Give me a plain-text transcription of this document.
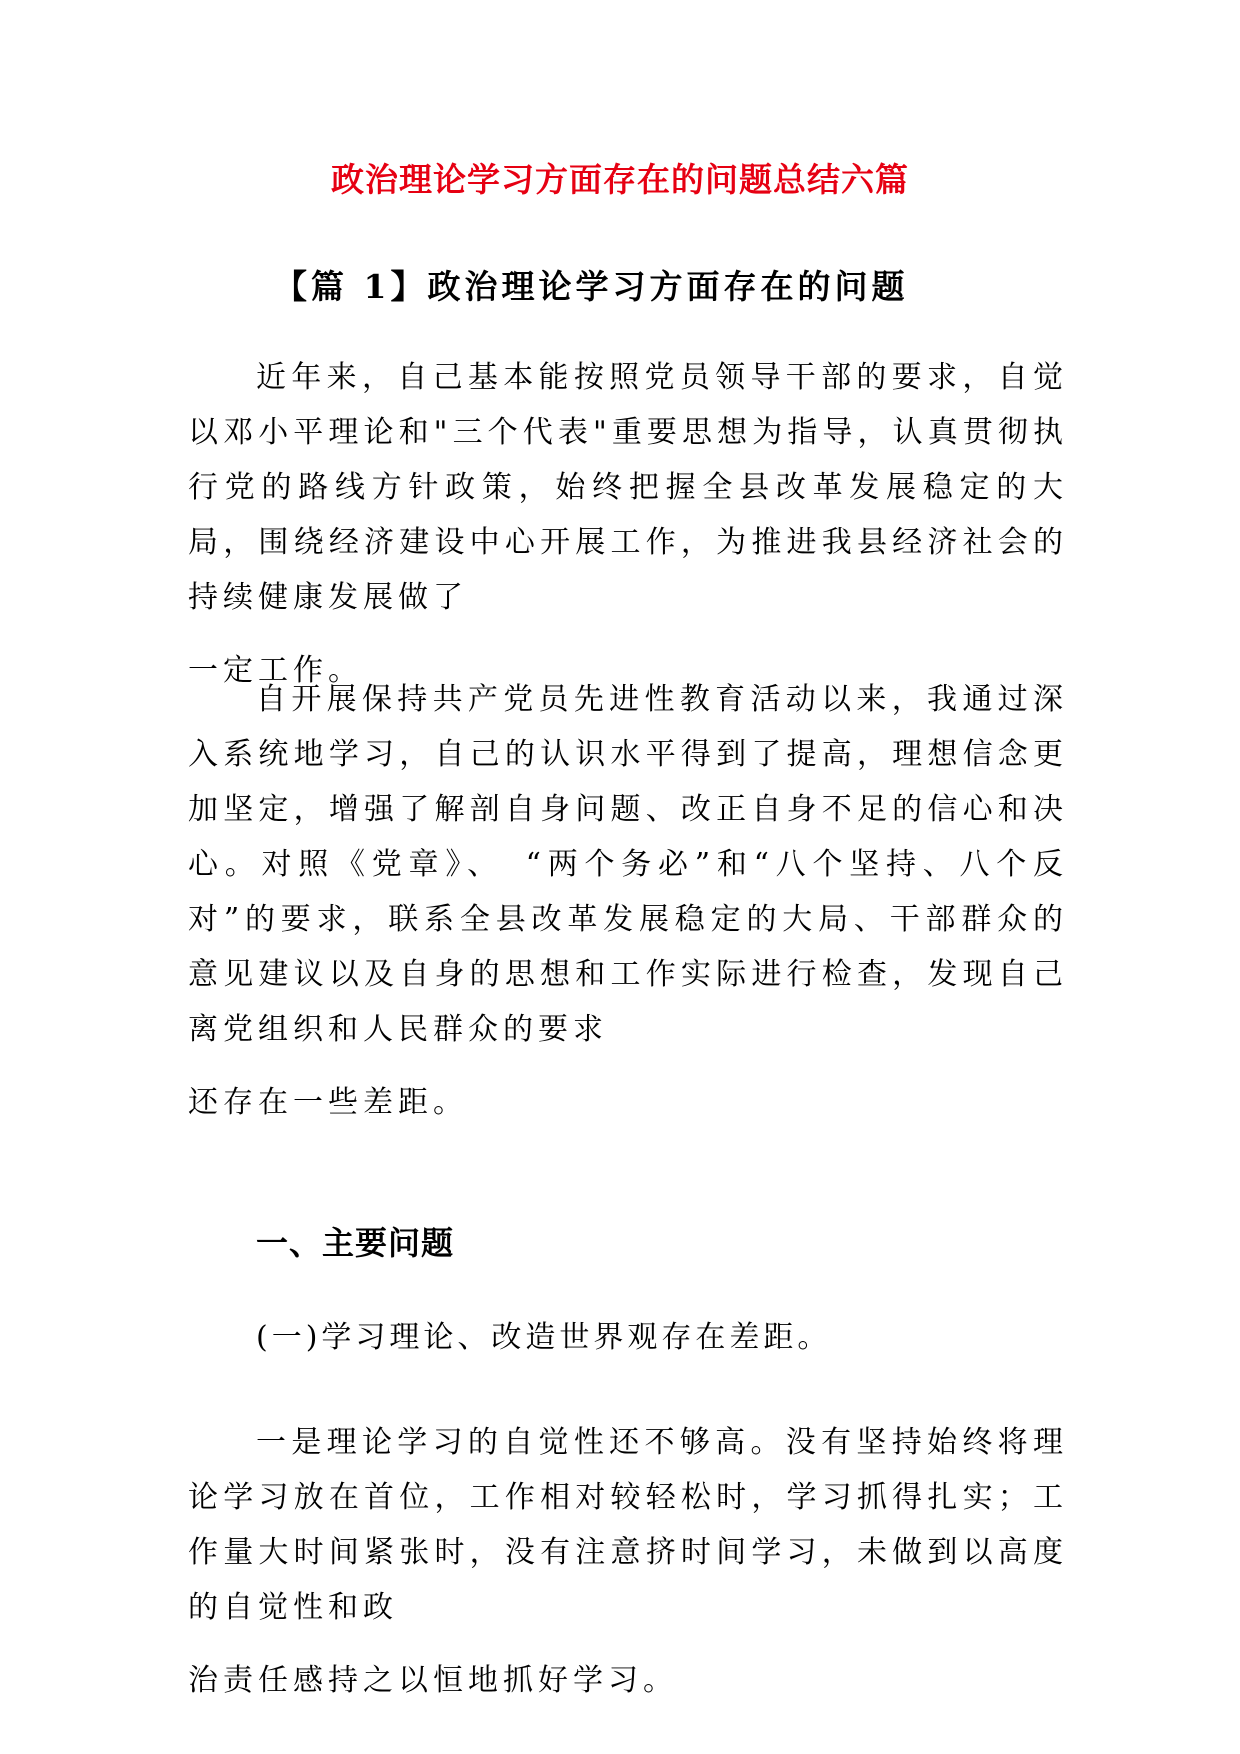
政治理论学习方面存在的问题总结六篇
【篇 1】政治理论学习方面存在的问题

近年来，自己基本能按照党员领导干部的要求，自觉以邓小平理论和"三个代表"重要思想为指导，认真贯彻执行党的路线方针政策，始终把握全县改革发展稳定的大局，围绕经济建设中心开展工作，为推进我县经济社会的持续健康发展做了
一定工作。

自开展保持共产党员先进性教育活动以来，我通过深入系统地学习，自己的认识水平得到了提高，理想信念更加坚定，增强了解剖自身问题、改正自身不足的信心和决心。对照《党章》、　“两个务必”和“八个坚持、八个反对”的要求，联系全县改革发展稳定的大局、干部群众的意见建议以及自身的思想和工作实际进行检查，发现自己离党组织和人民群众的要求
还存在一些差距。

一、主要问题
(一)学习理论、改造世界观存在差距。

一是理论学习的自觉性还不够高。没有坚持始终将理论学习放在首位，工作相对较轻松时，学习抓得扎实；工作量大时间紧张时，没有注意挤时间学习，未做到以高度的自觉性和政
治责任感持之以恒地抓好学习。
